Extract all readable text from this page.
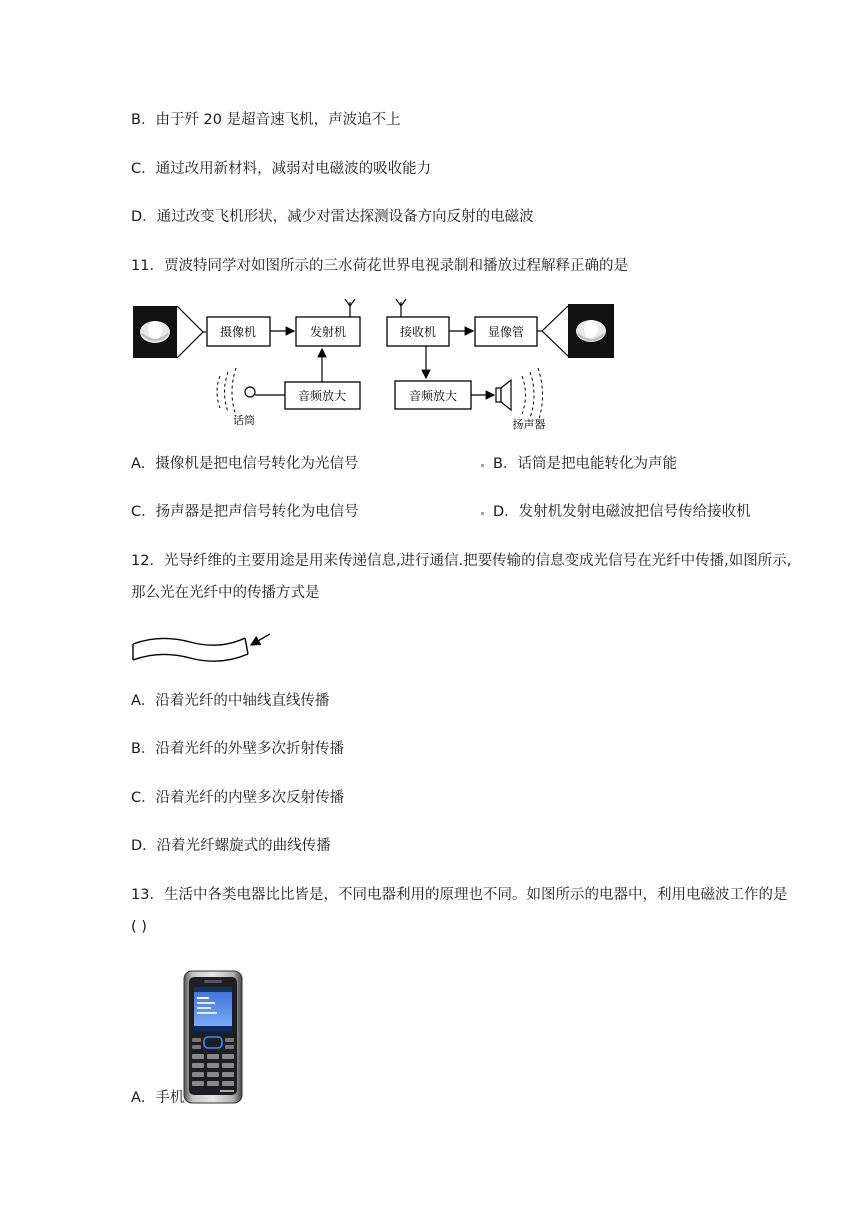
B．由于歼 20 是超音速飞机，声波追不上
C．通过改用新材料，减弱对电磁波的吸收能力
D．通过改变飞机形状，减少对雷达探测设备方向反射的电磁波
11．贾波特同学对如图所示的三水荷花世界电视录制和播放过程解释正确的是
摄像机	发射机
音频放大
话筒
接收机	显像管
音频放大
扬声器
A．摄像机是把电信号转化为光信号	B．话筒是把电能转化为声能
C．扬声器是把声信号转化为电信号	D．发射机发射电磁波把信号传给接收机
12．光导纤维的主要用途是用来传递信息,进行通信.把要传输的信息变成光信号在光纤中传播,如图所示,
那么光在光纤中的传播方式是
A．沿着光纤的中轴线直线传播
B．沿着光纤的外壁多次折射传播
C．沿着光纤的内壁多次反射传播
D．沿着光纤螺旋式的曲线传播
13．生活中各类电器比比皆是，不同电器利用的原理也不同。如图所示的电器中，利用电磁波工作的是
( )
A．手机
